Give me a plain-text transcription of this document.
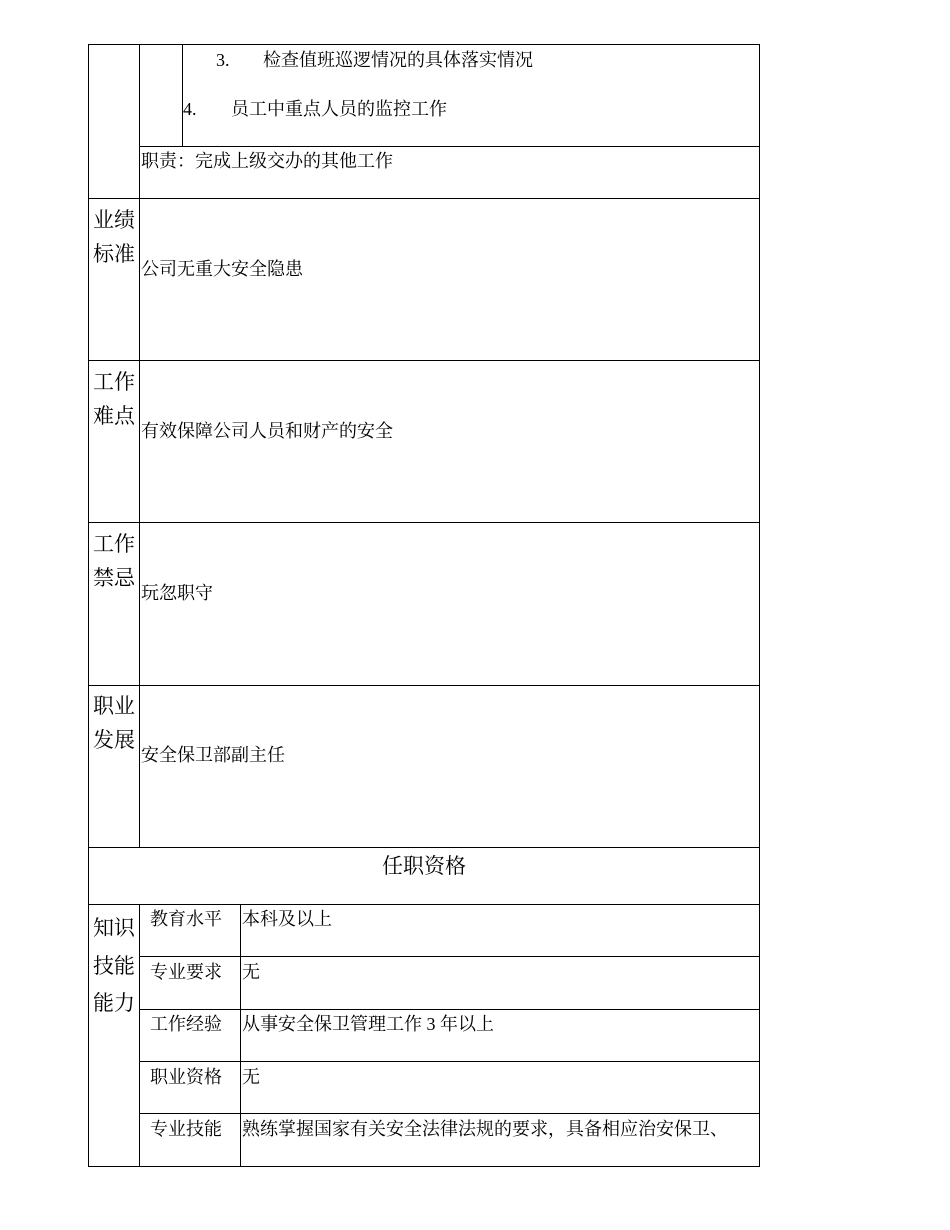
3. 检查值班巡逻情况的具体落实情况
4. 员工中重点人员的监控工作
职责：完成上级交办的其他工作
业绩标准
公司无重大安全隐患
工作难点
有效保障公司人员和财产的安全
工作禁忌
玩忽职守
职业发展
安全保卫部副主任
任职资格
知识技能能力
教育水平 本科及以上
专业要求 无
工作经验 从事安全保卫管理工作 3 年以上
职业资格 无
专业技能 熟练掌握国家有关安全法律法规的要求，具备相应治安保卫、
